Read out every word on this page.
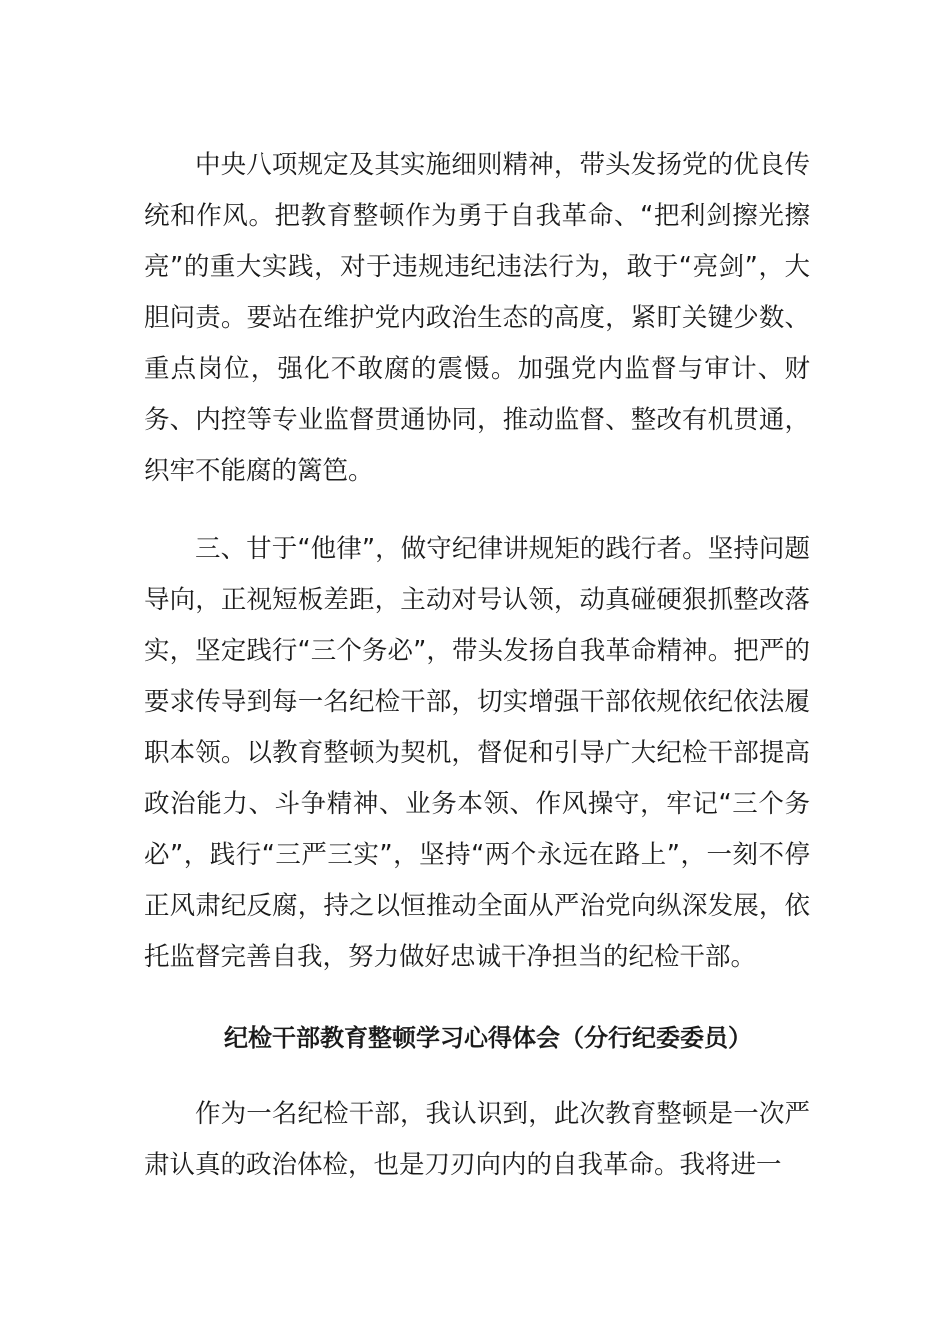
中央八项规定及其实施细则精神，带头发扬党的优良传统和作风。把教育整顿作为勇于自我革命、“把利剑擦光擦亮”的重大实践，对于违规违纪违法行为，敢于“亮剑”，大胆问责。要站在维护党内政治生态的高度，紧盯关键少数、重点岗位，强化不敢腐的震慑。加强党内监督与审计、财务、内控等专业监督贯通协同，推动监督、整改有机贯通，织牢不能腐的篱笆。

三、甘于“他律”，做守纪律讲规矩的践行者。坚持问题导向，正视短板差距，主动对号认领，动真碰硬狠抓整改落实，坚定践行“三个务必”，带头发扬自我革命精神。把严的要求传导到每一名纪检干部，切实增强干部依规依纪依法履职本领。以教育整顿为契机，督促和引导广大纪检干部提高政治能力、斗争精神、业务本领、作风操守，牢记“三个务必”，践行“三严三实”，坚持“两个永远在路上”，一刻不停正风肃纪反腐，持之以恒推动全面从严治党向纵深发展，依托监督完善自我，努力做好忠诚干净担当的纪检干部。

纪检干部教育整顿学习心得体会（分行纪委委员）

作为一名纪检干部，我认识到，此次教育整顿是一次严肃认真的政治体检，也是刀刃向内的自我革命。我将进一
